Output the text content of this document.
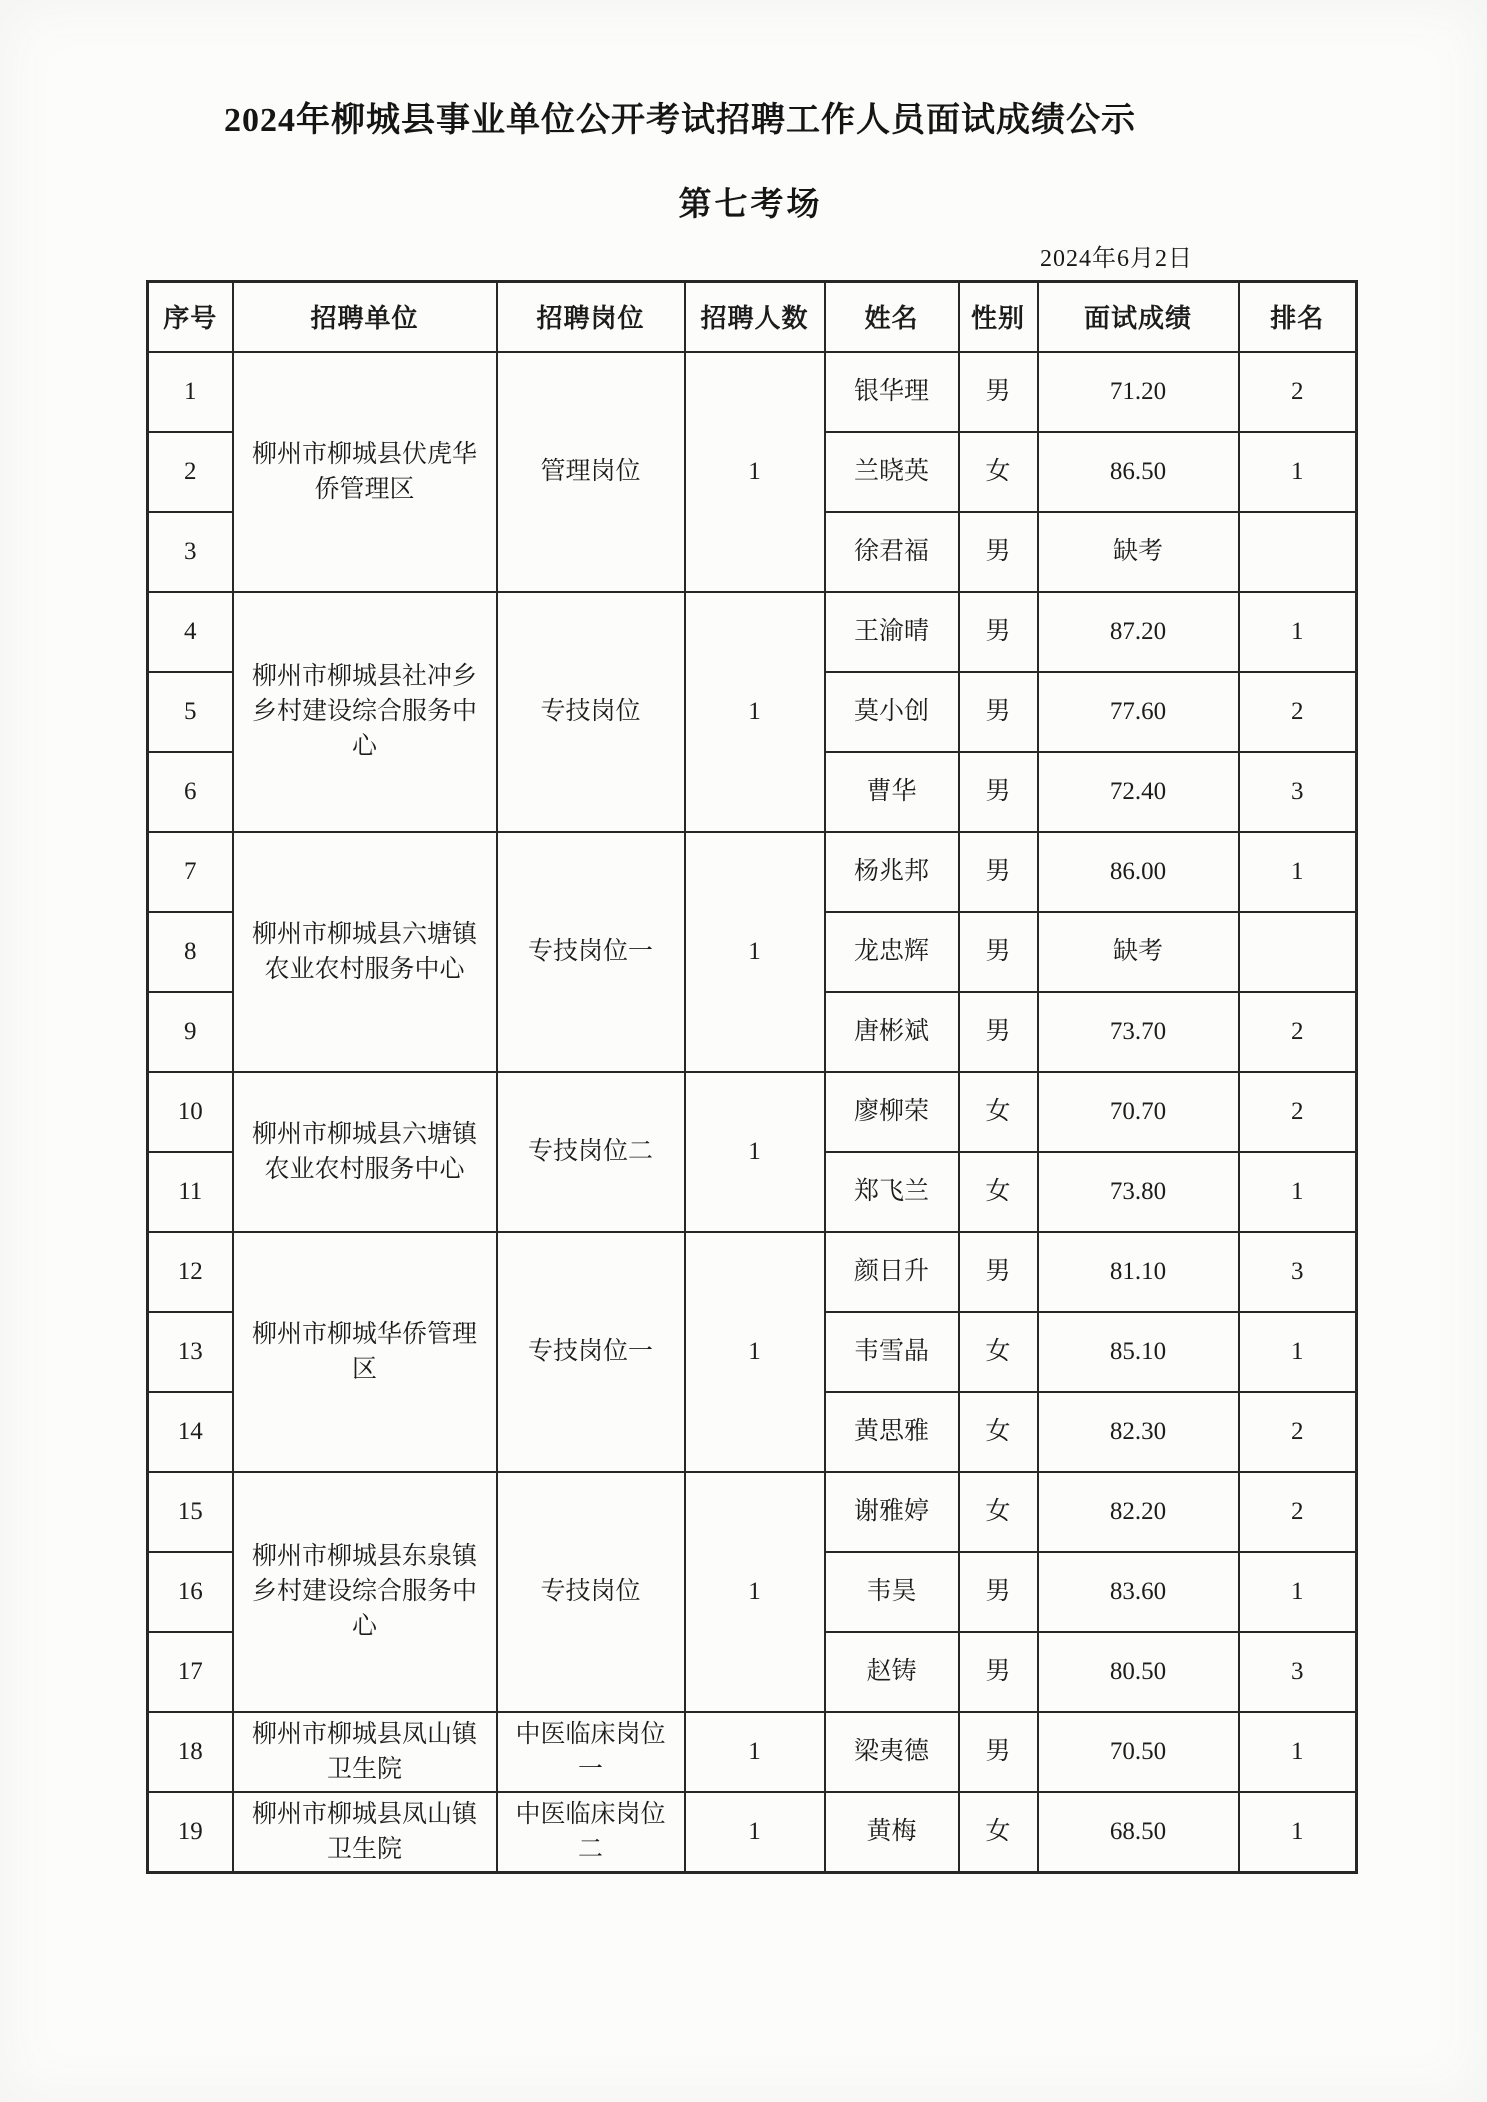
2024年柳城县事业单位公开考试招聘工作人员面试成绩公示
第七考场
2024年6月2日
序号	招聘单位	招聘岗位	招聘人数	姓名	性别	面试成绩	排名
1	柳州市柳城县伏虎华侨管理区	管理岗位	1	银华理	男	71.20	2
2				兰晓英	女	86.50	1
3				徐君福	男	缺考	
4	柳州市柳城县社冲乡乡村建设综合服务中心	专技岗位	1	王渝晴	男	87.20	1
5				莫小创	男	77.60	2
6				曹华	男	72.40	3
7	柳州市柳城县六塘镇农业农村服务中心	专技岗位一	1	杨兆邦	男	86.00	1
8				龙忠辉	男	缺考	
9				唐彬斌	男	73.70	2
10	柳州市柳城县六塘镇农业农村服务中心	专技岗位二	1	廖柳荣	女	70.70	2
11				郑飞兰	女	73.80	1
12	柳州市柳城华侨管理区	专技岗位一	1	颜日升	男	81.10	3
13				韦雪晶	女	85.10	1
14				黄思雅	女	82.30	2
15	柳州市柳城县东泉镇乡村建设综合服务中心	专技岗位	1	谢雅婷	女	82.20	2
16				韦昊	男	83.60	1
17				赵铸	男	80.50	3
18	柳州市柳城县凤山镇卫生院	中医临床岗位一	1	梁夷德	男	70.50	1
19	柳州市柳城县凤山镇卫生院	中医临床岗位二	1	黄梅	女	68.50	1
